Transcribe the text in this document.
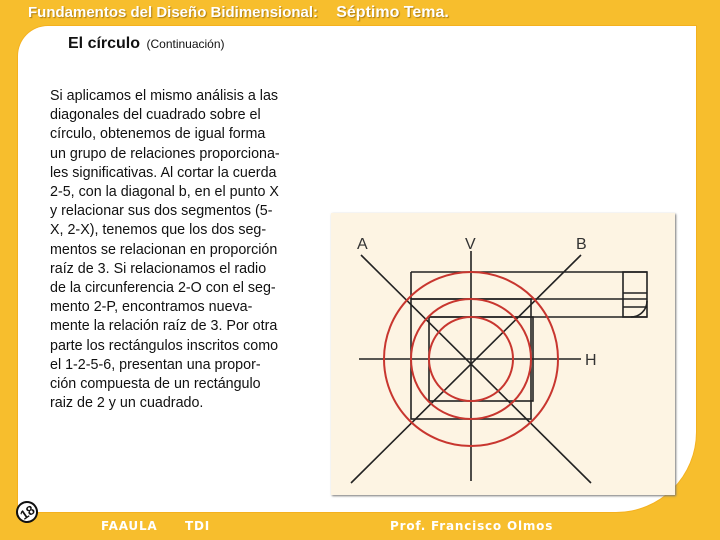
Fundamentos del Diseño Bidimensional: Séptimo Tema.
El círculo (Continuación)
Si aplicamos el mismo análisis a las
diagonales del cuadrado sobre el
círculo, obtenemos de igual forma
un grupo de relaciones proporciona-
les significativas. Al cortar la cuerda
2-5, con la diagonal b, en el punto X
y relacionar sus dos segmentos (5-
X, 2-X), tenemos que los dos seg-
mentos se relacionan en proporción
raíz de 3. Si relacionamos el radio
de la circunferencia 2-O con el seg-
mento 2-P, encontramos nueva-
mente la relación raíz de 3. Por otra
parte los rectángulos inscritos como
el 1-2-5-6, presentan una propor-
ción compuesta de un rectángulo
raiz de 2 y un cuadrado.
A	V	B
H
18
FAAULA TDI	Prof. Francisco Olmos
